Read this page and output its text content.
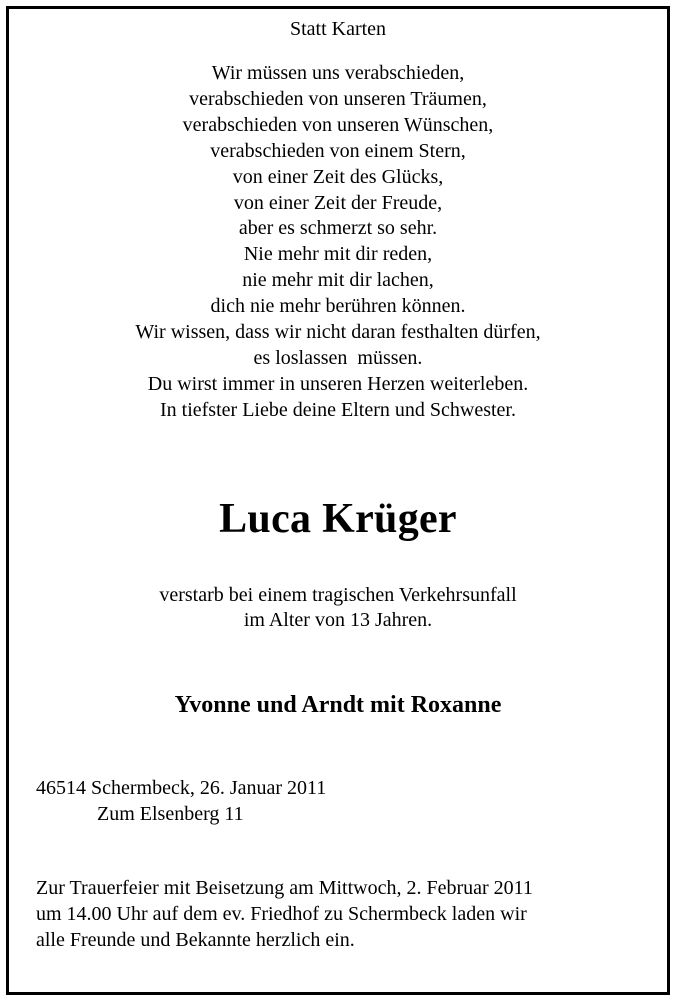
Statt Karten
Wir müssen uns verabschieden,
verabschieden von unseren Träumen,
verabschieden von unseren Wünschen,
verabschieden von einem Stern,
von einer Zeit des Glücks,
von einer Zeit der Freude,
aber es schmerzt so sehr.
Nie mehr mit dir reden,
nie mehr mit dir lachen,
dich nie mehr berühren können.
Wir wissen, dass wir nicht daran festhalten dürfen,
es loslassen  müssen.
Du wirst immer in unseren Herzen weiterleben.
In tiefster Liebe deine Eltern und Schwester.
Luca Krüger
verstarb bei einem tragischen Verkehrsunfall
im Alter von 13 Jahren.
Yvonne und Arndt mit Roxanne
46514 Schermbeck, 26. Januar 2011
Zum Elsenberg 11
Zur Trauerfeier mit Beisetzung am Mittwoch, 2. Februar 2011
um 14.00 Uhr auf dem ev. Friedhof zu Schermbeck laden wir
alle Freunde und Bekannte herzlich ein.
